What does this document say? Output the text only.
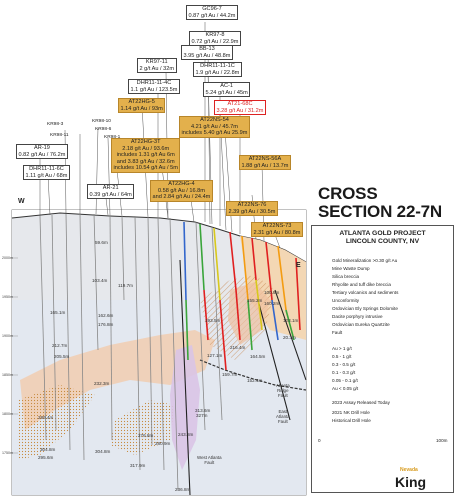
W
E
CROSS
SECTION 22-7N
GC96-7
0.87 g/t Au / 44.2m
KR97-8
0.72 g/t Au / 22.9m
KR97-11
2 g/t Au / 32m
BB-13
3.95 g/t Au / 48.8m
DHR11-11-1C
1.9 g/t Au / 22.8m
DHR11-11-4C
1.1 g/t Au / 123.5m
AC-1
5.24 g/t Au / 45m
AT22HG-5
1.14 g/t Au / 93m
AT21-68C
3.28 g/t Au / 31.2m
AT22NS-54
4.21 g/t Au / 45.7m
includes 5.40 g/t Au 25.9m
AT22HG-3T
2.18 g/t Au / 93.6m
includes 1.31 g/t Au 6m
and 3.83 g/t Au / 32.6m
includes 10.54 g/t Au / 5m
AT22NS-56A
1.88 g/t Au / 13.7m
AT22HG-4
0.58 g/t Au / 16.8m
and 2.84 g/t Au / 24.4m
AT22NS-76
2.39 g/t Au / 30.5m
AT22NS-73
2.31 g/t Au / 80.8m
AR-19
0.82 g/t Au / 76.2m
DHR11-11-6C
1.11 g/t Au / 68m
AR-21
0.39 g/t Au / 64m
KR98-3
KR98-11
KR98-10
KR98-6
KR98-1
2000m
1950m
1900m
1850m
1800m
1750m
59.6m
103.4m
119.7m
165.1m
162.6m
176.8m
212.7m
205.5m
232.3m
289.4m
304.8m
295.6m
304.8m
276.8m
280.9m
317.9m
236.8m
243.8m
313.6m
327m
193.5m
127.1m
216.4m
164.5m
159.7m
152.4m
155.2m
160.2m
123.1m
100.5m
20.3m
Atlanta
Ridge
Fault
East
Atlanta
Fault
West Atlanta
Fault
ATLANTA GOLD PROJECT
LINCOLN COUNTY, NV
0	100m
Nevada
King
Gold Mineralization >0.30 g/t Au
Mine Waste Dump
Silica breccia
Rhyolite and tuff dike breccia
Tertiary volcanics and sediments
Unconformity
Ordovician Ely Springs Dolomite
Dacite porphyry intrusive
Ordovician Eureka Quartzite
Fault
Au > 1 g/t
0.5 - 1 g/t
0.3 - 0.5 g/t
0.1 - 0.3 g/t
0.05 - 0.1 g/t
Au < 0.05 g/t
2023 Assay Released Today
2021 NK Drill Hole
Historical Drill Hole
